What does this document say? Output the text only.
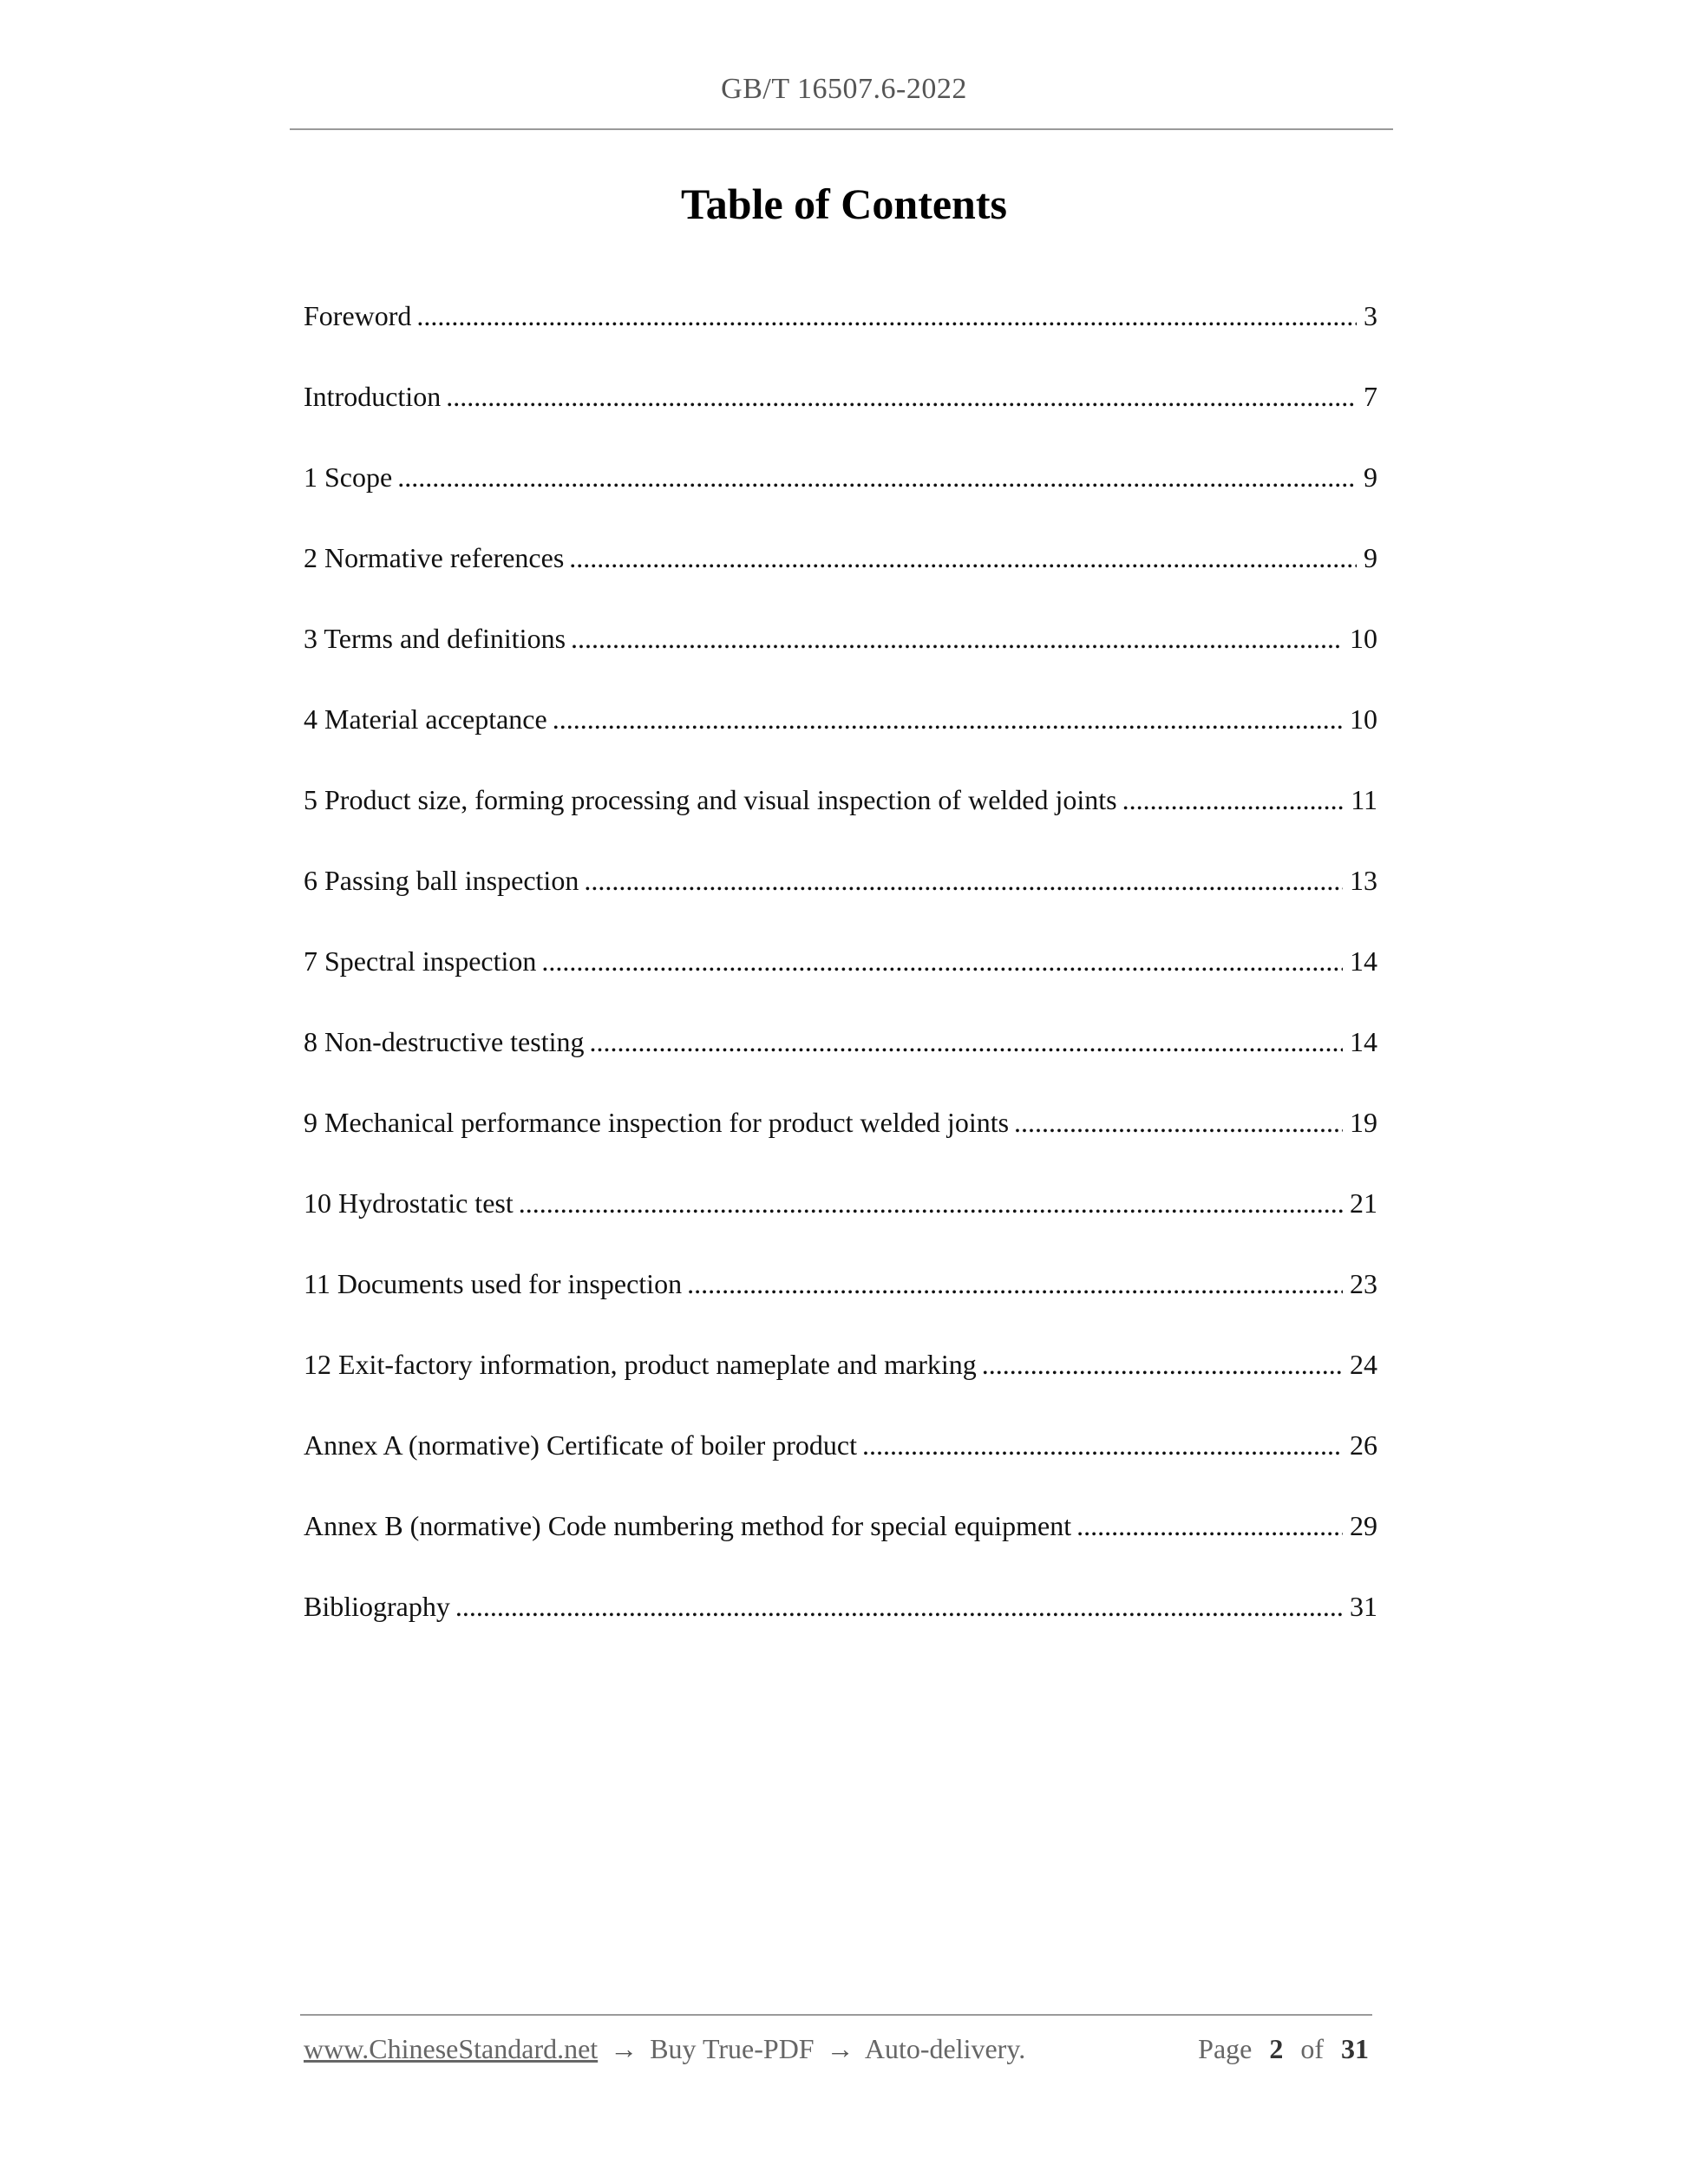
GB/T 16507.6-2022
Table of Contents
Foreword .....	3
Introduction .....	7
1 Scope .....	9
2 Normative references .....	9
3 Terms and definitions .....	10
4 Material acceptance .....	10
5 Product size, forming processing and visual inspection of welded joints .....	11
6 Passing ball inspection .....	13
7 Spectral inspection .....	14
8 Non-destructive testing .....	14
9 Mechanical performance inspection for product welded joints .....	19
10 Hydrostatic test .....	21
11 Documents used for inspection .....	23
12 Exit-factory information, product nameplate and marking .....	24
Annex A (normative) Certificate of boiler product .....	26
Annex B (normative) Code numbering method for special equipment .....	29
Bibliography .....	31
www.ChineseStandard.net → Buy True-PDF → Auto-delivery.	Page 2 of 31
